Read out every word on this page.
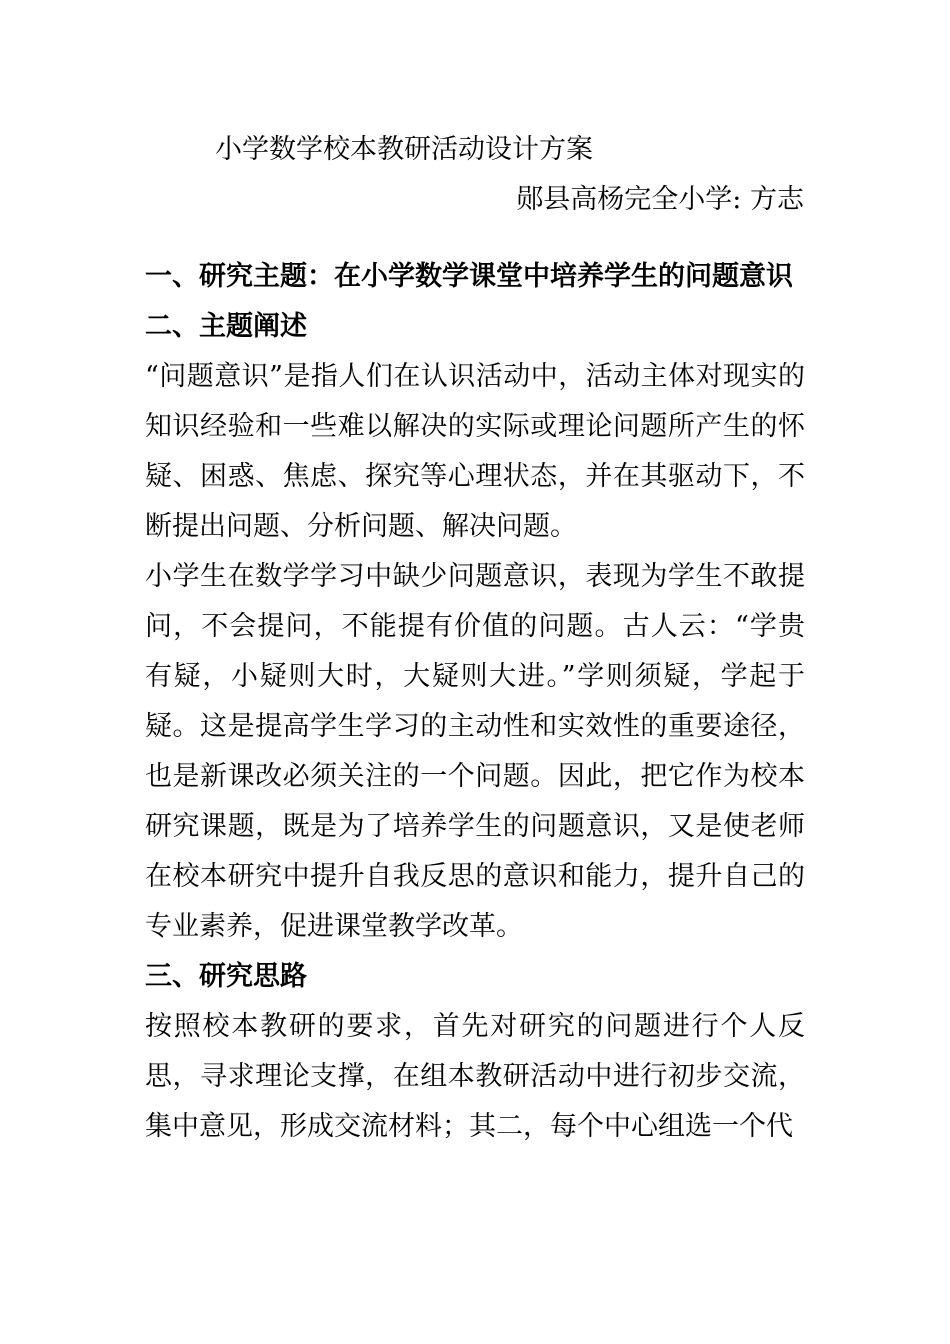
小学数学校本教研活动设计方案
郧县高杨完全小学: 方志

一、研究主题：在小学数学课堂中培养学生的问题意识

二、主题阐述

“问题意识”是指人们在认识活动中，活动主体对现实的知识经验和一些难以解决的实际或理论问题所产生的怀疑、困惑、焦虑、探究等心理状态，并在其驱动下，不断提出问题、分析问题、解决问题。

小学生在数学学习中缺少问题意识，表现为学生不敢提问，不会提问，不能提有价值的问题。古人云：“学贵有疑，小疑则大时，大疑则大进。”学则须疑，学起于疑。这是提高学生学习的主动性和实效性的重要途径，也是新课改必须关注的一个问题。因此，把它作为校本研究课题，既是为了培养学生的问题意识，又是使老师在校本研究中提升自我反思的意识和能力，提升自己的专业素养，促进课堂教学改革。

三、研究思路

按照校本教研的要求，首先对研究的问题进行个人反思，寻求理论支撑，在组本教研活动中进行初步交流，集中意见，形成交流材料；其二，每个中心组选一个代
